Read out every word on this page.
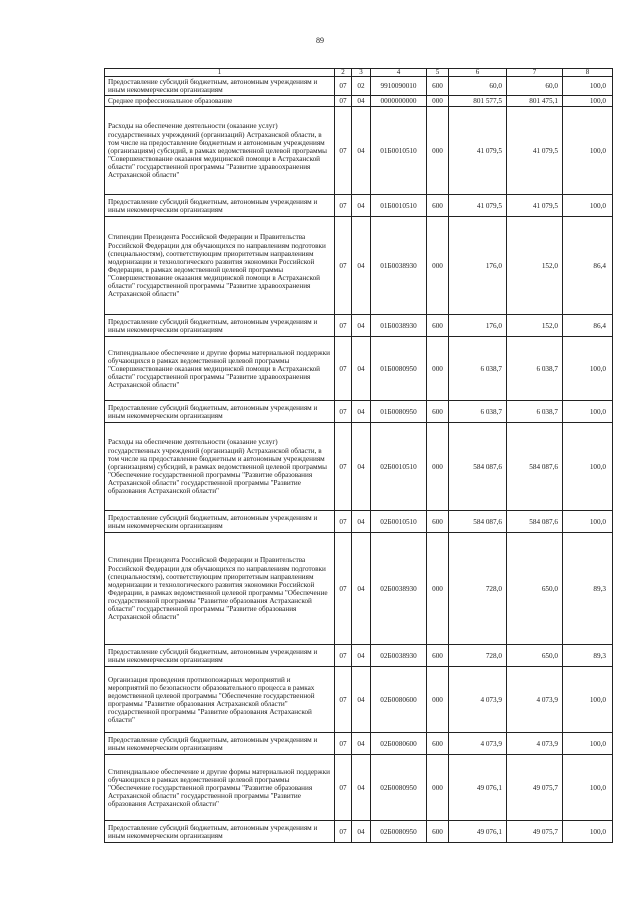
89
1	2	3	4	5	6	7	8
Предоставление субсидий бюджетным, автономным учреждениям и иным некоммерческим организациям	07	02	9910090010	600	60,0	60,0	100,0
Среднее профессиональное образование	07	04	0000000000	000	801 577,5	801 475,1	100,0
Расходы на обеспечение деятельности (оказание услуг) государственных учреждений (организаций) Астраханской области, в том числе на предоставление бюджетным и автономным учреждениям (организациям) субсидий, в рамках ведомственной целевой программы "Совершенствование оказания медицинской помощи в Астраханской области" государственной программы "Развитие здравоохранения Астраханской области"	07	04	01Б0010510	000	41 079,5	41 079,5	100,0
Предоставление субсидий бюджетным, автономным учреждениям и иным некоммерческим организациям	07	04	01Б0010510	600	41 079,5	41 079,5	100,0
Стипендии Президента Российской Федерации и Правительства Российской Федерации для обучающихся по направлениям подготовки (специальностям), соответствующим приоритетным направлениям модернизации и технологического развития экономики Российской Федерации, в рамках ведомственной целевой программы "Совершенствование оказания медицинской помощи в Астраханской области" государственной программы "Развитие здравоохранения Астраханской области"	07	04	01Б0038930	000	176,0	152,0	86,4
Предоставление субсидий бюджетным, автономным учреждениям и иным некоммерческим организациям	07	04	01Б0038930	600	176,0	152,0	86,4
Стипендиальное обеспечение и другие формы материальной поддержки обучающихся в рамках ведомственной целевой программы "Совершенствование оказания медицинской помощи в Астраханской области" государственной программы "Развитие здравоохранения Астраханской области"	07	04	01Б0080950	000	6 038,7	6 038,7	100,0
Предоставление субсидий бюджетным, автономным учреждениям и иным некоммерческим организациям	07	04	01Б0080950	600	6 038,7	6 038,7	100,0
Расходы на обеспечение деятельности (оказание услуг) государственных учреждений (организаций) Астраханской области, в том числе на предоставление бюджетным и автономным учреждениям (организациям) субсидий, в рамках ведомственной целевой программы "Обеспечение государственной программы "Развитие образования Астраханской области" государственной программы "Развитие образования Астраханской области"	07	04	02Б0010510	000	584 087,6	584 087,6	100,0
Предоставление субсидий бюджетным, автономным учреждениям и иным некоммерческим организациям	07	04	02Б0010510	600	584 087,6	584 087,6	100,0
Стипендии Президента Российской Федерации и Правительства Российской Федерации для обучающихся по направлениям подготовки (специальностям), соответствующим приоритетным направлениям модернизации и технологического развития экономики Российской Федерации, в рамках ведомственной целевой программы "Обеспечение государственной программы "Развитие образования Астраханской области" государственной программы "Развитие образования Астраханской области"	07	04	02Б0038930	000	728,0	650,0	89,3
Предоставление субсидий бюджетным, автономным учреждениям и иным некоммерческим организациям	07	04	02Б0038930	600	728,0	650,0	89,3
Организация проведения противопожарных мероприятий и мероприятий по безопасности образовательного процесса в рамках ведомственной целевой программы "Обеспечение государственной программы "Развитие образования Астраханской области" государственной программы "Развитие образования Астраханской области"	07	04	02Б0080600	000	4 073,9	4 073,9	100,0
Предоставление субсидий бюджетным, автономным учреждениям и иным некоммерческим организациям	07	04	02Б0080600	600	4 073,9	4 073,9	100,0
Стипендиальное обеспечение и другие формы материальной поддержки обучающихся в рамках ведомственной целевой программы "Обеспечение государственной программы "Развитие образования Астраханской области" государственной программы "Развитие образования Астраханской области"	07	04	02Б0080950	000	49 076,1	49 075,7	100,0
Предоставление субсидий бюджетным, автономным учреждениям и иным некоммерческим организациям	07	04	02Б0080950	600	49 076,1	49 075,7	100,0
